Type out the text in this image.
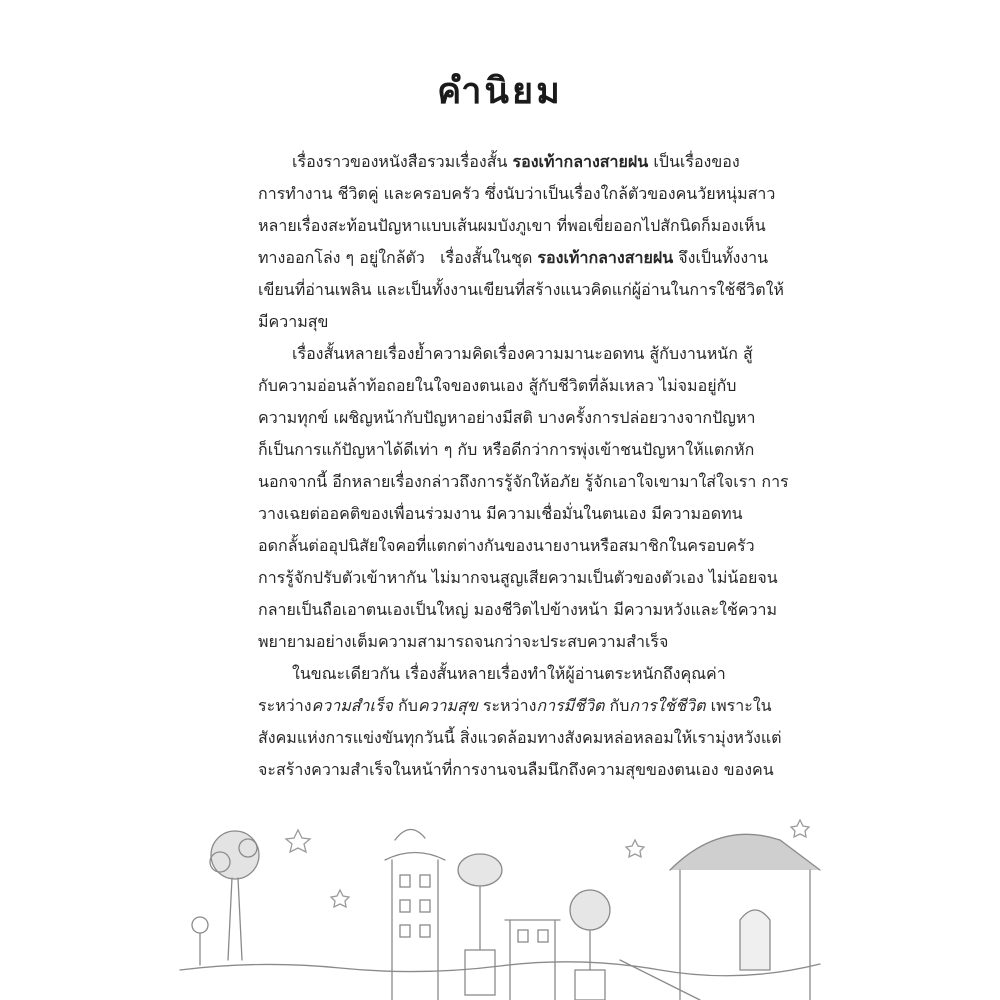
คำนิยม
เรื่องราวของหนังสือรวมเรื่องสั้น รองเท้ากลางสายฝน เป็นเรื่องของ
การทำงาน ชีวิตคู่ และครอบครัว ซึ่งนับว่าเป็นเรื่องใกล้ตัวของคนวัยหนุ่มสาว
หลายเรื่องสะท้อนปัญหาแบบเส้นผมบังภูเขา ที่พอเขี่ยออกไปสักนิดก็มองเห็น
ทางออกโล่ง ๆ อยู่ใกล้ตัว   เรื่องสั้นในชุด รองเท้ากลางสายฝน จึงเป็นทั้งงาน
เขียนที่อ่านเพลิน และเป็นทั้งงานเขียนที่สร้างแนวคิดแก่ผู้อ่านในการใช้ชีวิตให้
มีความสุข
เรื่องสั้นหลายเรื่องย้ำความคิดเรื่องความมานะอดทน สู้กับงานหนัก สู้
กับความอ่อนล้าท้อถอยในใจของตนเอง สู้กับชีวิตที่ล้มเหลว ไม่จมอยู่กับ
ความทุกข์ เผชิญหน้ากับปัญหาอย่างมีสติ บางครั้งการปล่อยวางจากปัญหา
ก็เป็นการแก้ปัญหาได้ดีเท่า ๆ กับ หรือดีกว่าการพุ่งเข้าชนปัญหาให้แตกหัก
นอกจากนี้ อีกหลายเรื่องกล่าวถึงการรู้จักให้อภัย รู้จักเอาใจเขามาใส่ใจเรา การ
วางเฉยต่ออคติของเพื่อนร่วมงาน มีความเชื่อมั่นในตนเอง มีความอดทน
อดกลั้นต่ออุปนิสัยใจคอที่แตกต่างกันของนายงานหรือสมาชิกในครอบครัว
การรู้จักปรับตัวเข้าหากัน ไม่มากจนสูญเสียความเป็นตัวของตัวเอง ไม่น้อยจน
กลายเป็นถือเอาตนเองเป็นใหญ่ มองชีวิตไปข้างหน้า มีความหวังและใช้ความ
พยายามอย่างเต็มความสามารถจนกว่าจะประสบความสำเร็จ
ในขณะเดียวกัน เรื่องสั้นหลายเรื่องทำให้ผู้อ่านตระหนักถึงคุณค่า
ระหว่างความสำเร็จ กับความสุข ระหว่างการมีชีวิต กับการใช้ชีวิต เพราะใน
สังคมแห่งการแข่งขันทุกวันนี้ สิ่งแวดล้อมทางสังคมหล่อหลอมให้เรามุ่งหวังแต่
จะสร้างความสำเร็จในหน้าที่การงานจนลืมนึกถึงความสุขของตนเอง ของคน
